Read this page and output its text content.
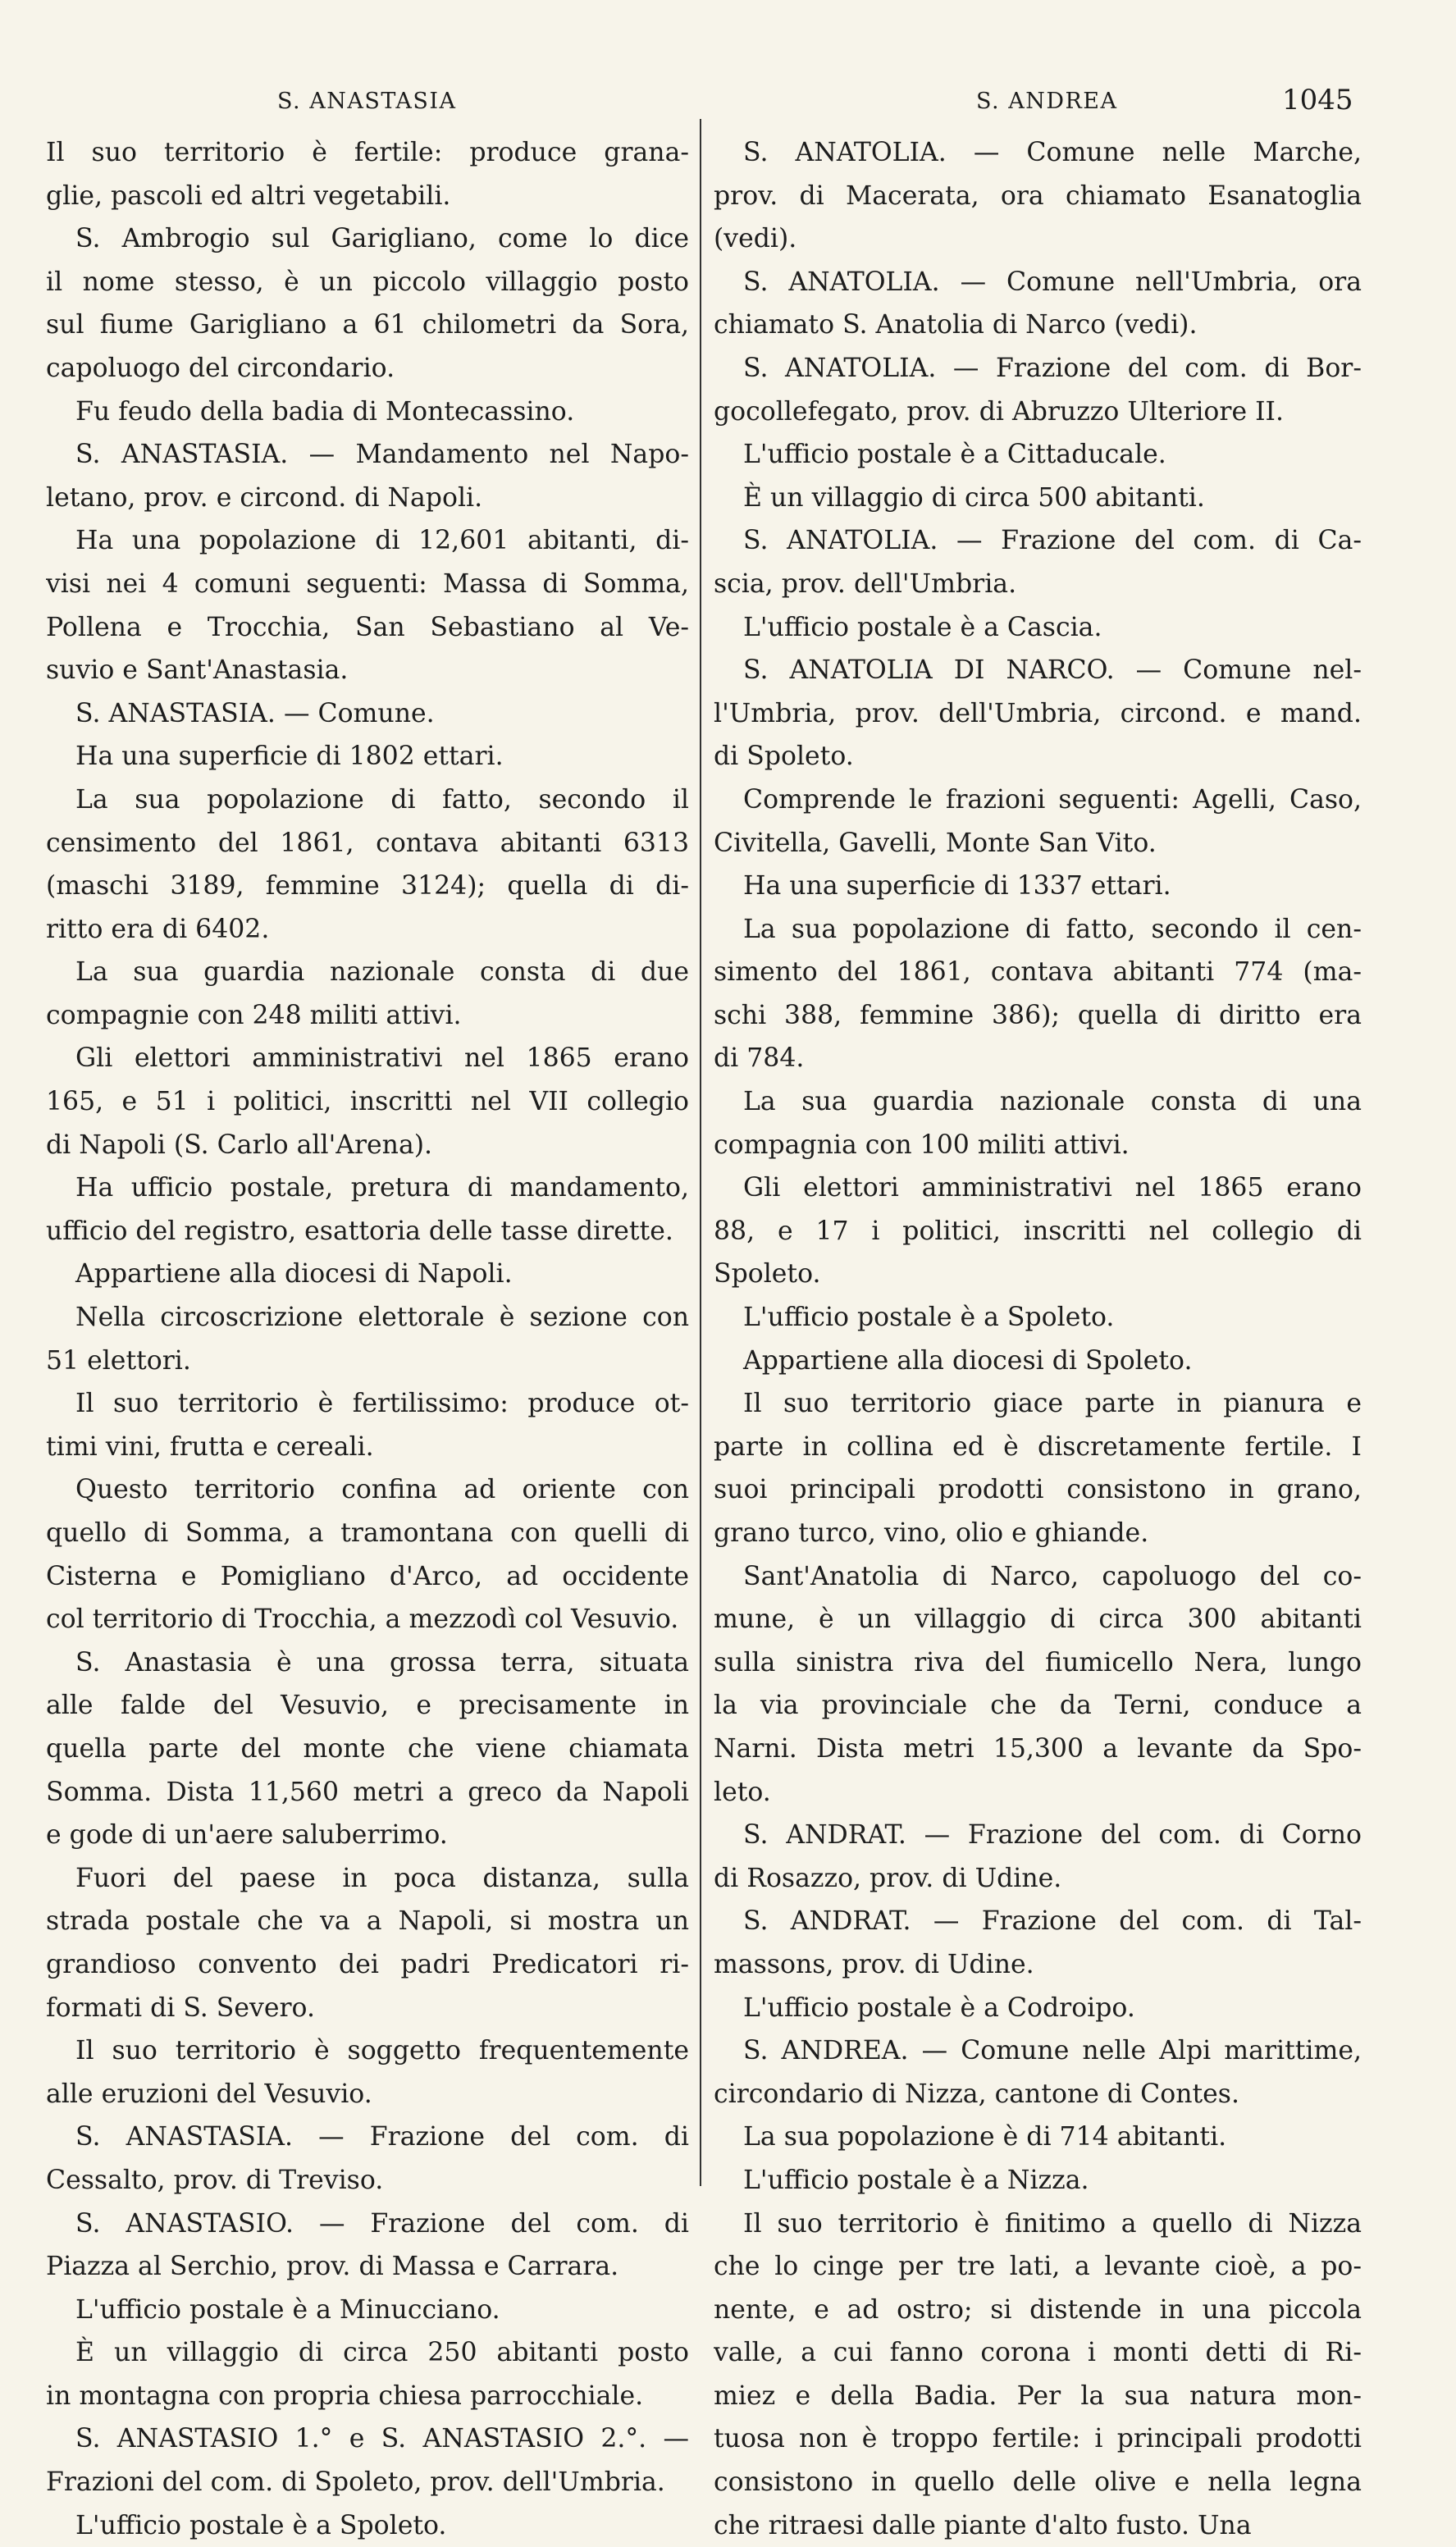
S. ANASTASIA	S. ANDREA	1045
Il suo territorio è fertile: produce grana-
glie, pascoli ed altri vegetabili.
S. Ambrogio sul Garigliano, come lo dice
il nome stesso, è un piccolo villaggio posto
sul fiume Garigliano a 61 chilometri da Sora,
capoluogo del circondario.
Fu feudo della badia di Montecassino.
S. ANASTASIA. — Mandamento nel Napo-
letano, prov. e circond. di Napoli.
Ha una popolazione di 12,601 abitanti, di-
visi nei 4 comuni seguenti: Massa di Somma,
Pollena e Trocchia, San Sebastiano al Ve-
suvio e Sant'Anastasia.
S. ANASTASIA. — Comune.
Ha una superficie di 1802 ettari.
La sua popolazione di fatto, secondo il
censimento del 1861, contava abitanti 6313
(maschi 3189, femmine 3124); quella di di-
ritto era di 6402.
La sua guardia nazionale consta di due
compagnie con 248 militi attivi.
Gli elettori amministrativi nel 1865 erano
165, e 51 i politici, inscritti nel VII collegio
di Napoli (S. Carlo all'Arena).
Ha ufficio postale, pretura di mandamento,
ufficio del registro, esattoria delle tasse dirette.
Appartiene alla diocesi di Napoli.
Nella circoscrizione elettorale è sezione con
51 elettori.
Il suo territorio è fertilissimo: produce ot-
timi vini, frutta e cereali.
Questo territorio confina ad oriente con
quello di Somma, a tramontana con quelli di
Cisterna e Pomigliano d'Arco, ad occidente
col territorio di Trocchia, a mezzodì col Vesuvio.
S. Anastasia è una grossa terra, situata
alle falde del Vesuvio, e precisamente in
quella parte del monte che viene chiamata
Somma. Dista 11,560 metri a greco da Napoli
e gode di un'aere saluberrimo.
Fuori del paese in poca distanza, sulla
strada postale che va a Napoli, si mostra un
grandioso convento dei padri Predicatori ri-
formati di S. Severo.
Il suo territorio è soggetto frequentemente
alle eruzioni del Vesuvio.
S. ANASTASIA. — Frazione del com. di
Cessalto, prov. di Treviso.
S. ANASTASIO. — Frazione del com. di
Piazza al Serchio, prov. di Massa e Carrara.
L'ufficio postale è a Minucciano.
È un villaggio di circa 250 abitanti posto
in montagna con propria chiesa parrocchiale.
S. ANASTASIO 1.° e S. ANASTASIO 2.°. —
Frazioni del com. di Spoleto, prov. dell'Umbria.
L'ufficio postale è a Spoleto.
S. ANATOLIA. — Comune nelle Marche,
prov. di Macerata, ora chiamato Esanatoglia
(vedi).
S. ANATOLIA. — Comune nell'Umbria, ora
chiamato S. Anatolia di Narco (vedi).
S. ANATOLIA. — Frazione del com. di Bor-
gocollefegato, prov. di Abruzzo Ulteriore II.
L'ufficio postale è a Cittaducale.
È un villaggio di circa 500 abitanti.
S. ANATOLIA. — Frazione del com. di Ca-
scia, prov. dell'Umbria.
L'ufficio postale è a Cascia.
S. ANATOLIA DI NARCO. — Comune nel-
l'Umbria, prov. dell'Umbria, circond. e mand.
di Spoleto.
Comprende le frazioni seguenti: Agelli, Caso,
Civitella, Gavelli, Monte San Vito.
Ha una superficie di 1337 ettari.
La sua popolazione di fatto, secondo il cen-
simento del 1861, contava abitanti 774 (ma-
schi 388, femmine 386); quella di diritto era
di 784.
La sua guardia nazionale consta di una
compagnia con 100 militi attivi.
Gli elettori amministrativi nel 1865 erano
88, e 17 i politici, inscritti nel collegio di
Spoleto.
L'ufficio postale è a Spoleto.
Appartiene alla diocesi di Spoleto.
Il suo territorio giace parte in pianura e
parte in collina ed è discretamente fertile. I
suoi principali prodotti consistono in grano,
grano turco, vino, olio e ghiande.
Sant'Anatolia di Narco, capoluogo del co-
mune, è un villaggio di circa 300 abitanti
sulla sinistra riva del fiumicello Nera, lungo
la via provinciale che da Terni, conduce a
Narni. Dista metri 15,300 a levante da Spo-
leto.
S. ANDRAT. — Frazione del com. di Corno
di Rosazzo, prov. di Udine.
S. ANDRAT. — Frazione del com. di Tal-
massons, prov. di Udine.
L'ufficio postale è a Codroipo.
S. ANDREA. — Comune nelle Alpi marittime,
circondario di Nizza, cantone di Contes.
La sua popolazione è di 714 abitanti.
L'ufficio postale è a Nizza.
Il suo territorio è finitimo a quello di Nizza
che lo cinge per tre lati, a levante cioè, a po-
nente, e ad ostro; si distende in una piccola
valle, a cui fanno corona i monti detti di Ri-
miez e della Badia. Per la sua natura mon-
tuosa non è troppo fertile: i principali prodotti
consistono in quello delle olive e nella legna
che ritraesi dalle piante d'alto fusto. Una
